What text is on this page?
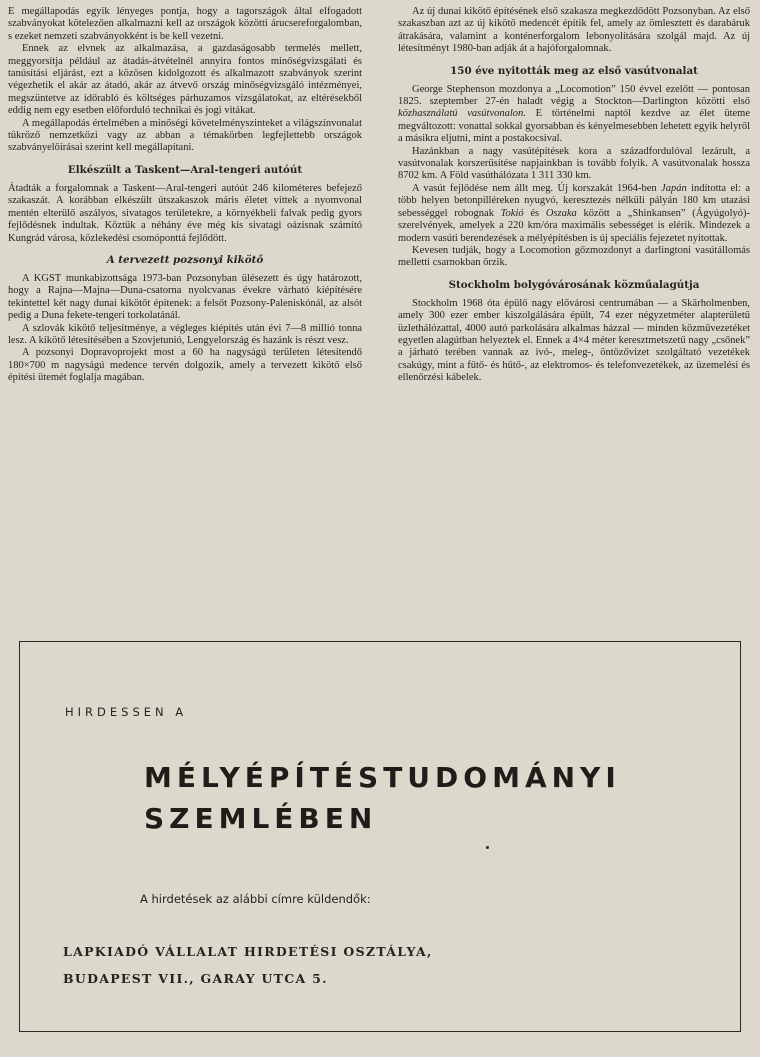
E megállapodás egyik lényeges pontja, hogy a tagországok által elfogadott szabványokat kötelezően alkalmazni kell az országok közötti árucsereforgalomban, s ezeket nemzeti szabványokként is be kell vezetni.

Ennek az elvnek az alkalmazása, a gazdaságosabb termelés mellett, meggyorsítja például az átadás-átvételnél annyira fontos minőségvizsgálati és tanúsítási eljárást, ezt a közösen kidolgozott és alkalmazott szabványok szerint végezhetik el akár az átadó, akár az átvevő ország minőségvizsgáló intézményei, megszüntetve az időrabló és költséges párhuzamos vizsgálatokat, az eltérésekből eddig nem egy esetben előforduló technikai és jogi vitákat.

A megállapodás értelmében a minőségi követelményszinteket a világszínvonalat tükröző nemzetközi vagy az abban a témakörben legfejlettebb országok szabványelőírásai szerint kell megállapítani.

Elkészült a Taskent—Aral-tengeri autóút

Átadták a forgalomnak a Taskent—Aral-tengeri autóút 246 kilométeres befejező szakaszát. A korábban elkészült útszakaszok máris életet vittek a nyomvonal mentén elterülő aszályos, sivatagos területekre, a környékbeli falvak pedig gyors fejlődésnek indultak. Köztük a néhány éve még kis sivatagi oázisnak számító Kungrád városa, közlekedési csomóponttá fejlődött.

A tervezett pozsonyi kikötő

A KGST munkabizottsága 1973-ban Pozsonyban ülésezett és úgy határozott, hogy a Rajna—Majna—Duna-csatorna nyolcvanas évekre várható kiépítésére tekintettel két nagy dunai kikötőt építenek: a felsőt Pozsony-Paleniskónál, az alsót pedig a Duna fekete-tengeri torkolatánál.

A szlovák kikötő teljesítménye, a végleges kiépítés után évi 7—8 millió tonna lesz. A kikötő létesítésében a Szovjetunió, Lengyelország és hazánk is részt vesz.

A pozsonyi Dopravoprojekt most a 60 ha nagyságú területen létesítendő 180×700 m nagyságú medence tervén dolgozik, amely a tervezett kikötő első építési ütemét foglalja magában.

Az új dunai kikötő építésének első szakasza megkezdődött Pozsonyban. Az első szakaszban azt az új kikötő medencét építik fel, amely az ömlesztett és darabáruk átrakására, valamint a konténerforgalom lebonyolítására szolgál majd. Az új létesítményt 1980-ban adják át a hajóforgalomnak.

150 éve nyitották meg az első vasútvonalat

George Stephenson mozdonya a „Locomotion” 150 évvel ezelőtt — pontosan 1825. szeptember 27-én haladt végig a Stockton—Darlington közötti első közhasználatú vasútvonalon. E történelmi naptól kezdve az élet üteme megváltozott: vonattal sokkal gyorsabban és kényelmesebben lehetett egyik helyről a másikra eljutni, mint a postakocsival.

Hazánkban a nagy vasútépítések kora a századfordulóval lezárult, a vasútvonalak korszerűsítése napjainkban is tovább folyik. A vasútvonalak hossza 8702 km. A Föld vasúthálózata 1 311 330 km.

A vasút fejlődése nem állt meg. Új korszakát 1964-ben Japán indította el: a több helyen betonpilléreken nyugvó, keresztezés nélküli pályán 180 km utazási sebességgel robognak Tokió és Oszaka között a „Shinkansen” (Ágyúgolyó)-szerelvények, amelyek a 220 km/óra maximális sebességet is elérik. Mindezek a modern vasúti berendezések a mélyépítésben is új speciális fejezetet nyitottak.

Kevesen tudják, hogy a Locomotion gőzmozdonyt a darlingtoni vasútállomás melletti csarnokban őrzik.

Stockholm bolygóvárosának közműalagútja

Stockholm 1968 óta épülő nagy elővárosi centrumában — a Skärholmenben, amely 300 ezer ember kiszolgálására épült, 74 ezer négyzetméter alapterületű üzlethálózattal, 4000 autó parkolására alkalmas házzal — minden közművezetéket egyetlen alagútban helyeztek el. Ennek a 4×4 méter keresztmetszetű nagy „csőnek” a járható terében vannak az ivó-, meleg-, öntözővizet szolgáltató vezetékek csakúgy, mint a fűtő- és hűtő-, az elektromos- és telefonvezetékek, az üzemelési és ellenőrzési kábelek.

HIRDESSEN A
MÉLYÉPÍTÉSTUDOMÁNYI
SZEMLÉBEN
A hirdetések az alábbi címre küldendők:
LAPKIADÓ VÁLLALAT HIRDETÉSI OSZTÁLYA,
BUDAPEST VII., GARAY UTCA 5.
